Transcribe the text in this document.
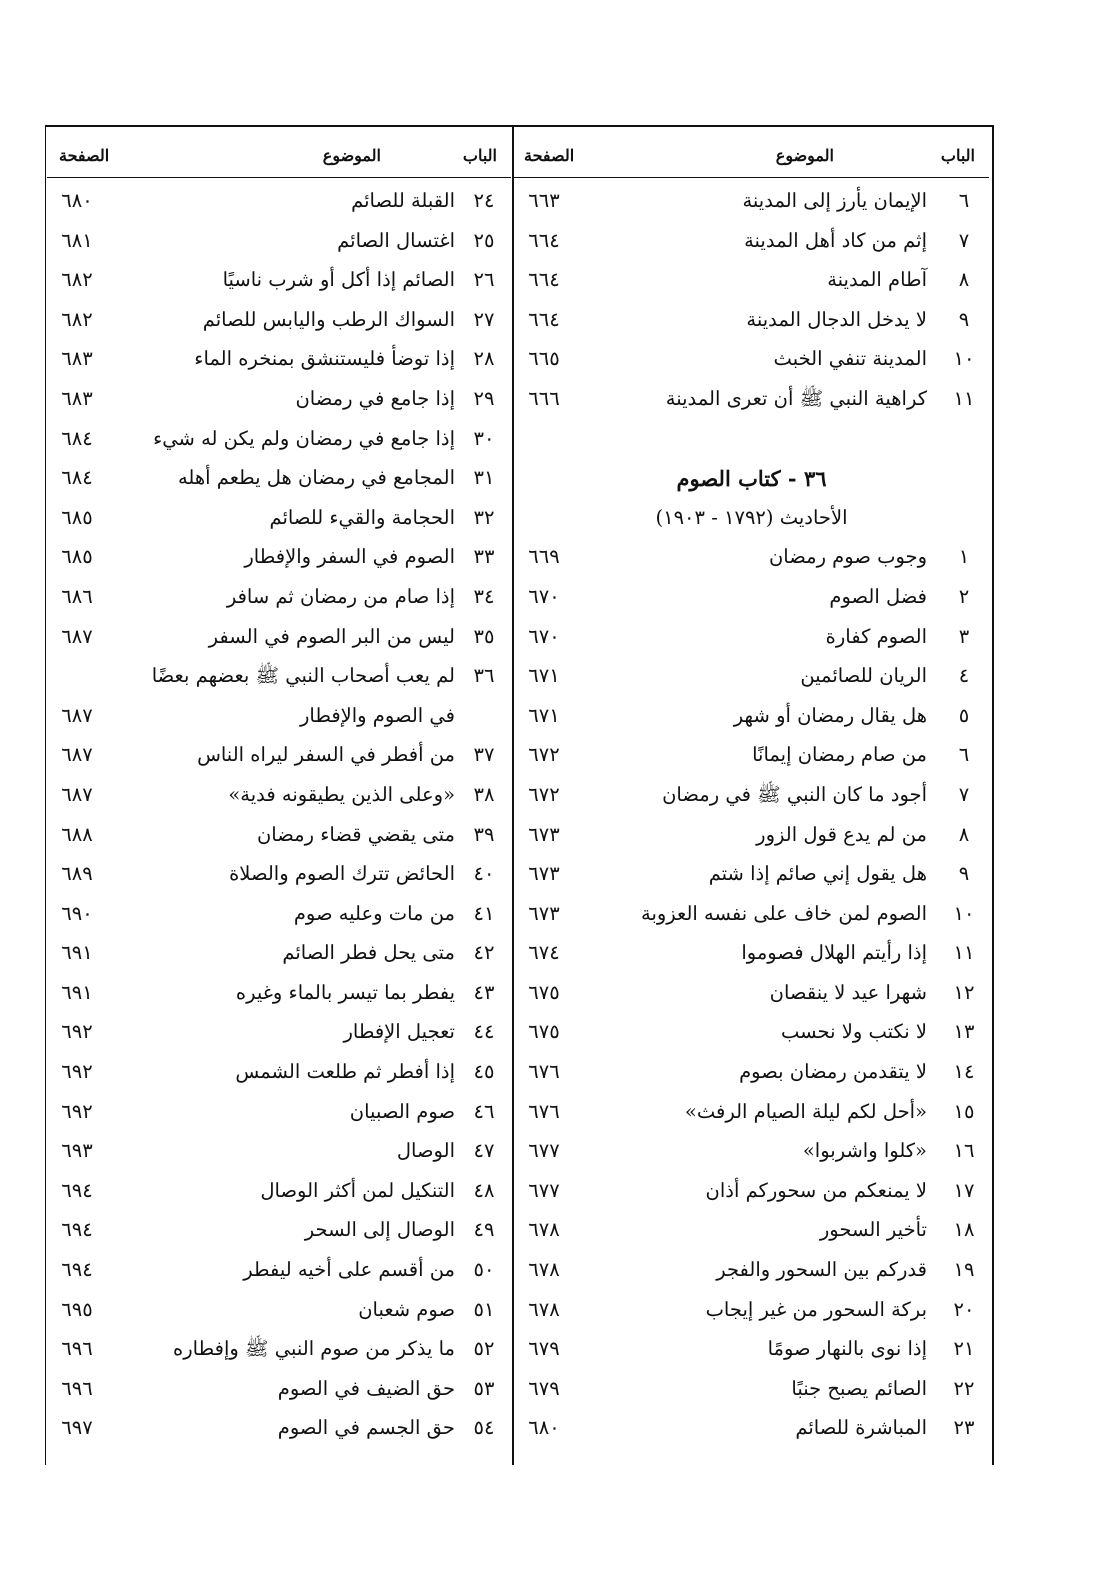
الباب
الموضوع
الصفحة
٦
الإيمان يأرز إلى المدينة
٦٦٣
٧
إثم من كاد أهل المدينة
٦٦٤
٨
آطام المدينة
٦٦٤
٩
لا يدخل الدجال المدينة
٦٦٤
١٠
المدينة تنفي الخبث
٦٦٥
١١
كراهية النبي ﷺ أن تعرى المدينة
٦٦٦
٣٦ - كتاب الصوم
الأحاديث (١٧٩٢ - ١٩٠٣)
١
وجوب صوم رمضان
٦٦٩
٢
فضل الصوم
٦٧٠
٣
الصوم كفارة
٦٧٠
٤
الريان للصائمين
٦٧١
٥
هل يقال رمضان أو شهر
٦٧١
٦
من صام رمضان إيمانًا
٦٧٢
٧
أجود ما كان النبي ﷺ في رمضان
٦٧٢
٨
من لم يدع قول الزور
٦٧٣
٩
هل يقول إني صائم إذا شتم
٦٧٣
١٠
الصوم لمن خاف على نفسه العزوبة
٦٧٣
١١
إذا رأيتم الهلال فصوموا
٦٧٤
١٢
شهرا عيد لا ينقصان
٦٧٥
١٣
لا نكتب ولا نحسب
٦٧٥
١٤
لا يتقدمن رمضان بصوم
٦٧٦
١٥
«أحل لكم ليلة الصيام الرفث»
٦٧٦
١٦
«كلوا واشربوا»
٦٧٧
١٧
لا يمنعكم من سحوركم أذان
٦٧٧
١٨
تأخير السحور
٦٧٨
١٩
قدركم بين السحور والفجر
٦٧٨
٢٠
بركة السحور من غير إيجاب
٦٧٨
٢١
إذا نوى بالنهار صومًا
٦٧٩
٢٢
الصائم يصبح جنبًا
٦٧٩
٢٣
المباشرة للصائم
٦٨٠
الباب
الموضوع
الصفحة
٢٤
القبلة للصائم
٦٨٠
٢٥
اغتسال الصائم
٦٨١
٢٦
الصائم إذا أكل أو شرب ناسيًا
٦٨٢
٢٧
السواك الرطب واليابس للصائم
٦٨٢
٢٨
إذا توضأ فليستنشق بمنخره الماء
٦٨٣
٢٩
إذا جامع في رمضان
٦٨٣
٣٠
إذا جامع في رمضان ولم يكن له شيء
٦٨٤
٣١
المجامع في رمضان هل يطعم أهله
٦٨٤
٣٢
الحجامة والقيء للصائم
٦٨٥
٣٣
الصوم في السفر والإفطار
٦٨٥
٣٤
إذا صام من رمضان ثم سافر
٦٨٦
٣٥
ليس من البر الصوم في السفر
٦٨٧
٣٦
لم يعب أصحاب النبي ﷺ بعضهم بعضًا
في الصوم والإفطار
٦٨٧
٣٧
من أفطر في السفر ليراه الناس
٦٨٧
٣٨
«وعلى الذين يطيقونه فدية»
٦٨٧
٣٩
متى يقضي قضاء رمضان
٦٨٨
٤٠
الحائض تترك الصوم والصلاة
٦٨٩
٤١
من مات وعليه صوم
٦٩٠
٤٢
متى يحل فطر الصائم
٦٩١
٤٣
يفطر بما تيسر بالماء وغيره
٦٩١
٤٤
تعجيل الإفطار
٦٩٢
٤٥
إذا أفطر ثم طلعت الشمس
٦٩٢
٤٦
صوم الصبيان
٦٩٢
٤٧
الوصال
٦٩٣
٤٨
التنكيل لمن أكثر الوصال
٦٩٤
٤٩
الوصال إلى السحر
٦٩٤
٥٠
من أقسم على أخيه ليفطر
٦٩٤
٥١
صوم شعبان
٦٩٥
٥٢
ما يذكر من صوم النبي ﷺ وإفطاره
٦٩٦
٥٣
حق الضيف في الصوم
٦٩٦
٥٤
حق الجسم في الصوم
٦٩٧
